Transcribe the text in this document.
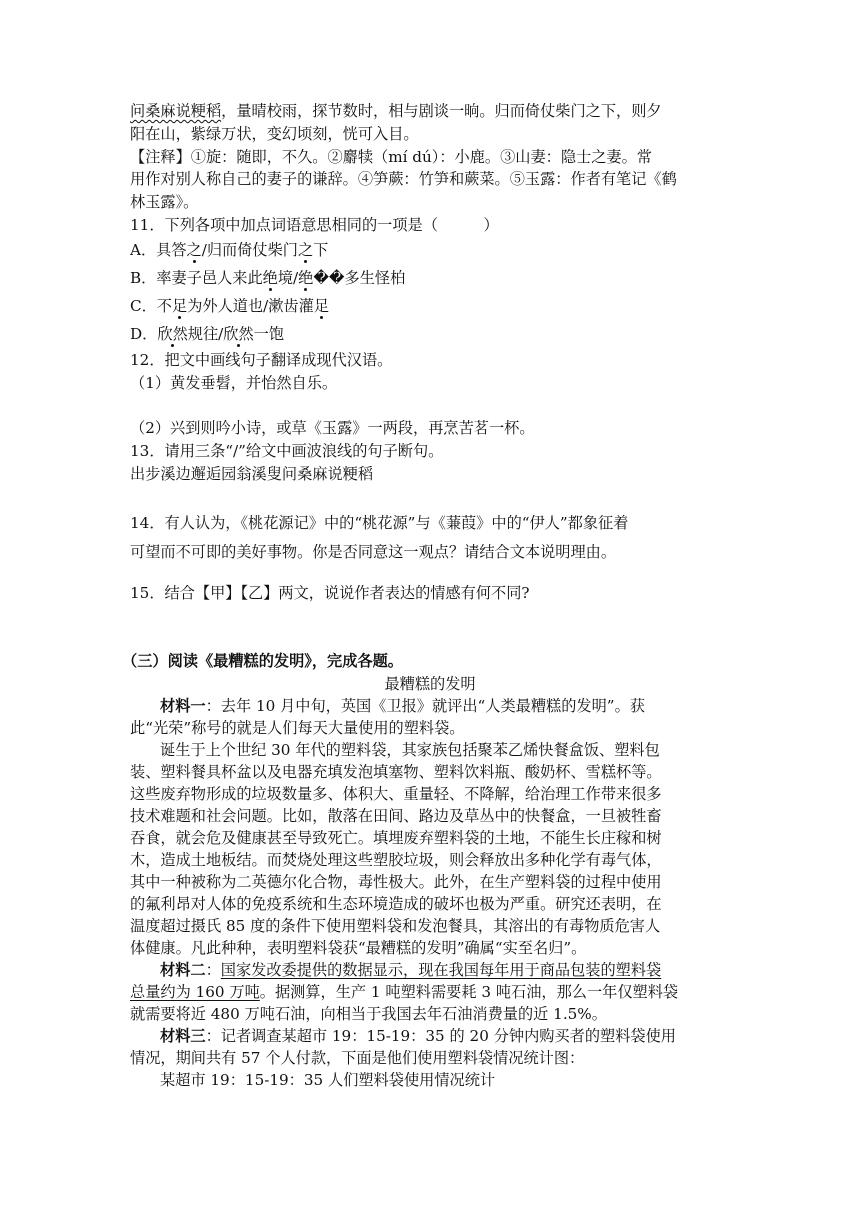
问桑麻说粳稻，量晴校雨，探节数时，相与剧谈一晌。归而倚仗柴门之下，则夕
阳在山，紫绿万状，变幻顷刻，恍可入目。
【注释】①旋：随即，不久。②麝犊（mí dú）：小鹿。③山妻：隐士之妻。常
用作对别人称自己的妻子的谦辞。④笋蕨：竹笋和蕨菜。⑤玉露：作者有笔记《鹤
林玉露》。
11．下列各项中加点词语意思相同的一项是（　　　）
A．具答之/归而倚仗柴门之下
B．率妻子邑人来此绝境/绝��多生怪柏
C．不足为外人道也/漱齿灌足
D．欣然规往/欣然一饱
12．把文中画线句子翻译成现代汉语。
（1）黄发垂髫，并怡然自乐。
（2）兴到则吟小诗，或草《玉露》一两段，再烹苦茗一杯。
13．请用三条“/”给文中画波浪线的句子断句。
出步溪边邂逅园翁溪叟问桑麻说粳稻
14．有人认为，《桃花源记》中的“桃花源”与《蒹葭》中的“伊人”都象征着
可望而不可即的美好事物。你是否同意这一观点？请结合文本说明理由。
15．结合【甲】【乙】两文，说说作者表达的情感有何不同?
（三）阅读《最糟糕的发明》，完成各题。
最糟糕的发明
材料一：去年 10 月中旬，英国《卫报》就评出“人类最糟糕的发明”。获
此“光荣”称号的就是人们每天大量使用的塑料袋。
诞生于上个世纪 30 年代的塑料袋，其家族包括聚苯乙烯快餐盒饭、塑料包
装、塑料餐具杯盆以及电器充填发泡填塞物、塑料饮料瓶、酸奶杯、雪糕杯等。
这些废弃物形成的垃圾数量多、体积大、重量轻、不降解，给治理工作带来很多
技术难题和社会问题。比如，散落在田间、路边及草丛中的快餐盒，一旦被牲畜
吞食，就会危及健康甚至导致死亡。填埋废弃塑料袋的土地，不能生长庄稼和树
木，造成土地板结。而焚烧处理这些塑胶垃圾，则会释放出多种化学有毒气体，
其中一种被称为二英德尔化合物，毒性极大。此外，在生产塑料袋的过程中使用
的氟利昂对人体的免疫系统和生态环境造成的破坏也极为严重。研究还表明，在
温度超过摄氏 85 度的条件下使用塑料袋和发泡餐具，其溶出的有毒物质危害人
体健康。凡此种种，表明塑料袋获“最糟糕的发明”确属“实至名归”。
材料二：国家发改委提供的数据显示，现在我国每年用于商品包装的塑料袋
总量约为 160 万吨。据测算，生产 1 吨塑料需要耗 3 吨石油，那么一年仅塑料袋
就需要将近 480 万吨石油，向相当于我国去年石油消费量的近 1.5%。
材料三：记者调查某超市 19：15-19：35 的 20 分钟内购买者的塑料袋使用
情况，期间共有 57 个人付款，下面是他们使用塑料袋情况统计图：
某超市 19：15-19：35 人们塑料袋使用情况统计
